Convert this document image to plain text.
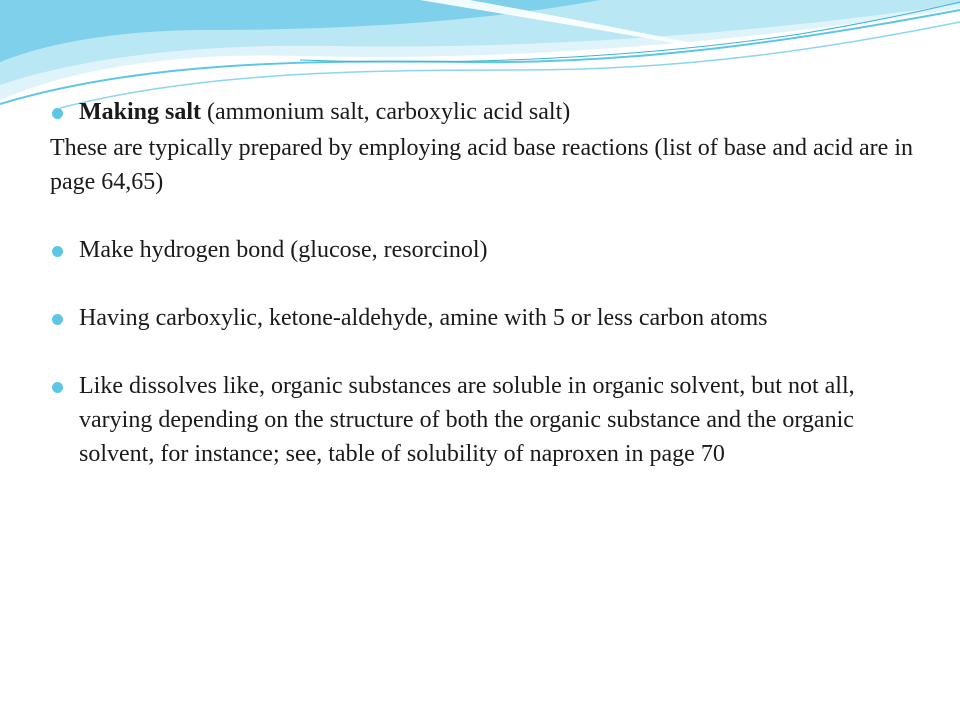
Making salt (ammonium salt, carboxylic acid salt)
These are typically prepared by employing acid base reactions (list of base and acid are in page 64,65)
Make hydrogen bond (glucose, resorcinol)
Having carboxylic, ketone-aldehyde, amine with 5 or less carbon atoms
Like dissolves like, organic substances are soluble in organic solvent, but not all, varying depending on the structure of both the organic substance and the organic solvent, for instance; see, table of solubility of naproxen in page 70
